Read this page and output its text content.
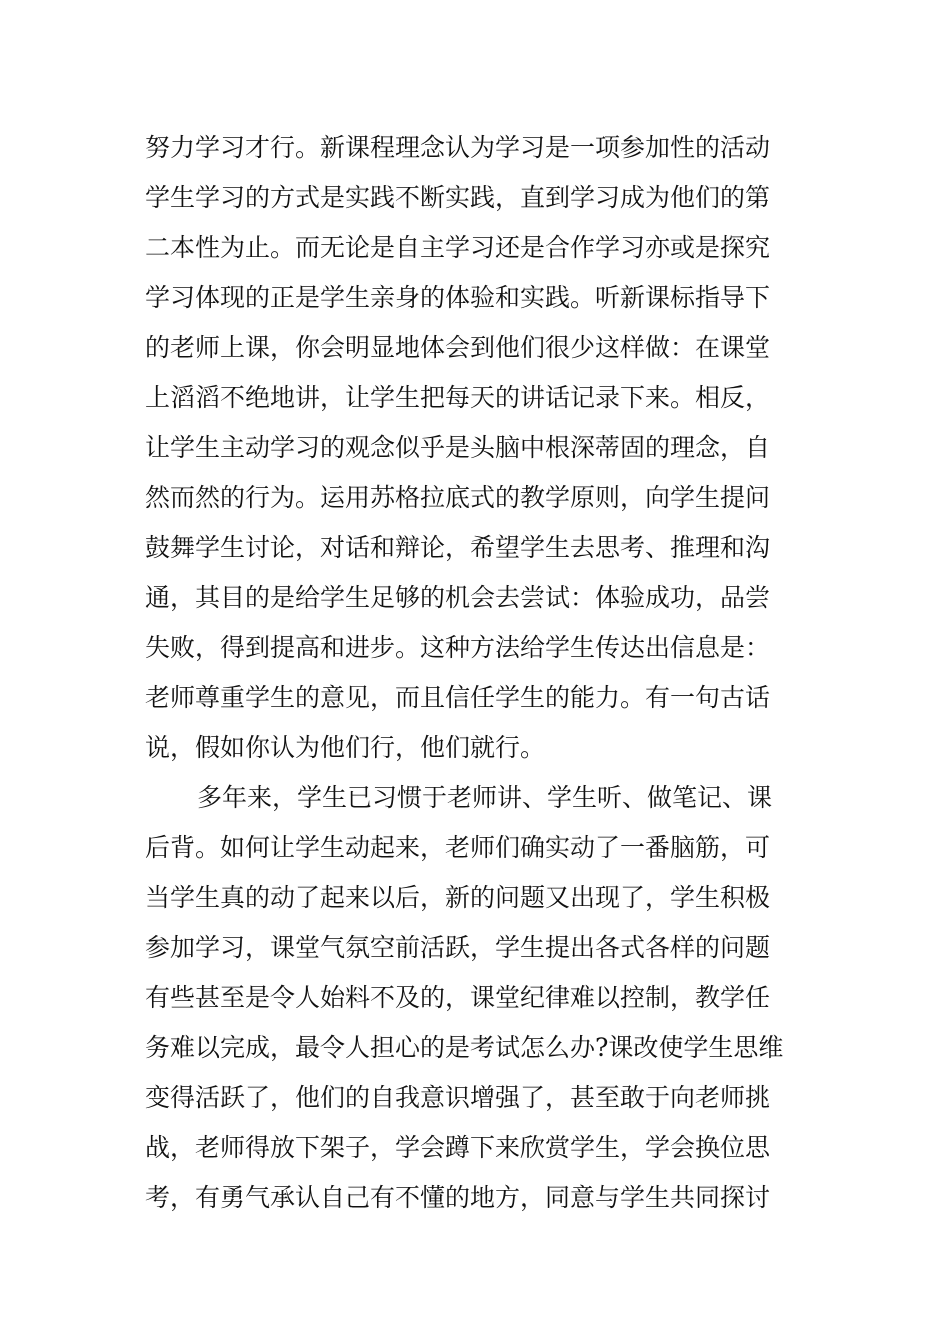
努力学习才行。新课程理念认为学习是一项参加性的活动
学生学习的方式是实践不断实践，直到学习成为他们的第
二本性为止。而无论是自主学习还是合作学习亦或是探究
学习体现的正是学生亲身的体验和实践。听新课标指导下
的老师上课，你会明显地体会到他们很少这样做：在课堂
上滔滔不绝地讲，让学生把每天的讲话记录下来。相反，
让学生主动学习的观念似乎是头脑中根深蒂固的理念，自
然而然的行为。运用苏格拉底式的教学原则，向学生提问
鼓舞学生讨论，对话和辩论，希望学生去思考、推理和沟
通，其目的是给学生足够的机会去尝试：体验成功，品尝
失败，得到提高和进步。这种方法给学生传达出信息是：
老师尊重学生的意见，而且信任学生的能力。有一句古话
说，假如你认为他们行，他们就行。
多年来，学生已习惯于老师讲、学生听、做笔记、课
后背。如何让学生动起来，老师们确实动了一番脑筋，可
当学生真的动了起来以后，新的问题又出现了，学生积极
参加学习，课堂气氛空前活跃，学生提出各式各样的问题
有些甚至是令人始料不及的，课堂纪律难以控制，教学任
务难以完成，最令人担心的是考试怎么办?课改使学生思维
变得活跃了，他们的自我意识增强了，甚至敢于向老师挑
战，老师得放下架子，学会蹲下来欣赏学生，学会换位思
考，有勇气承认自己有不懂的地方，同意与学生共同探讨
